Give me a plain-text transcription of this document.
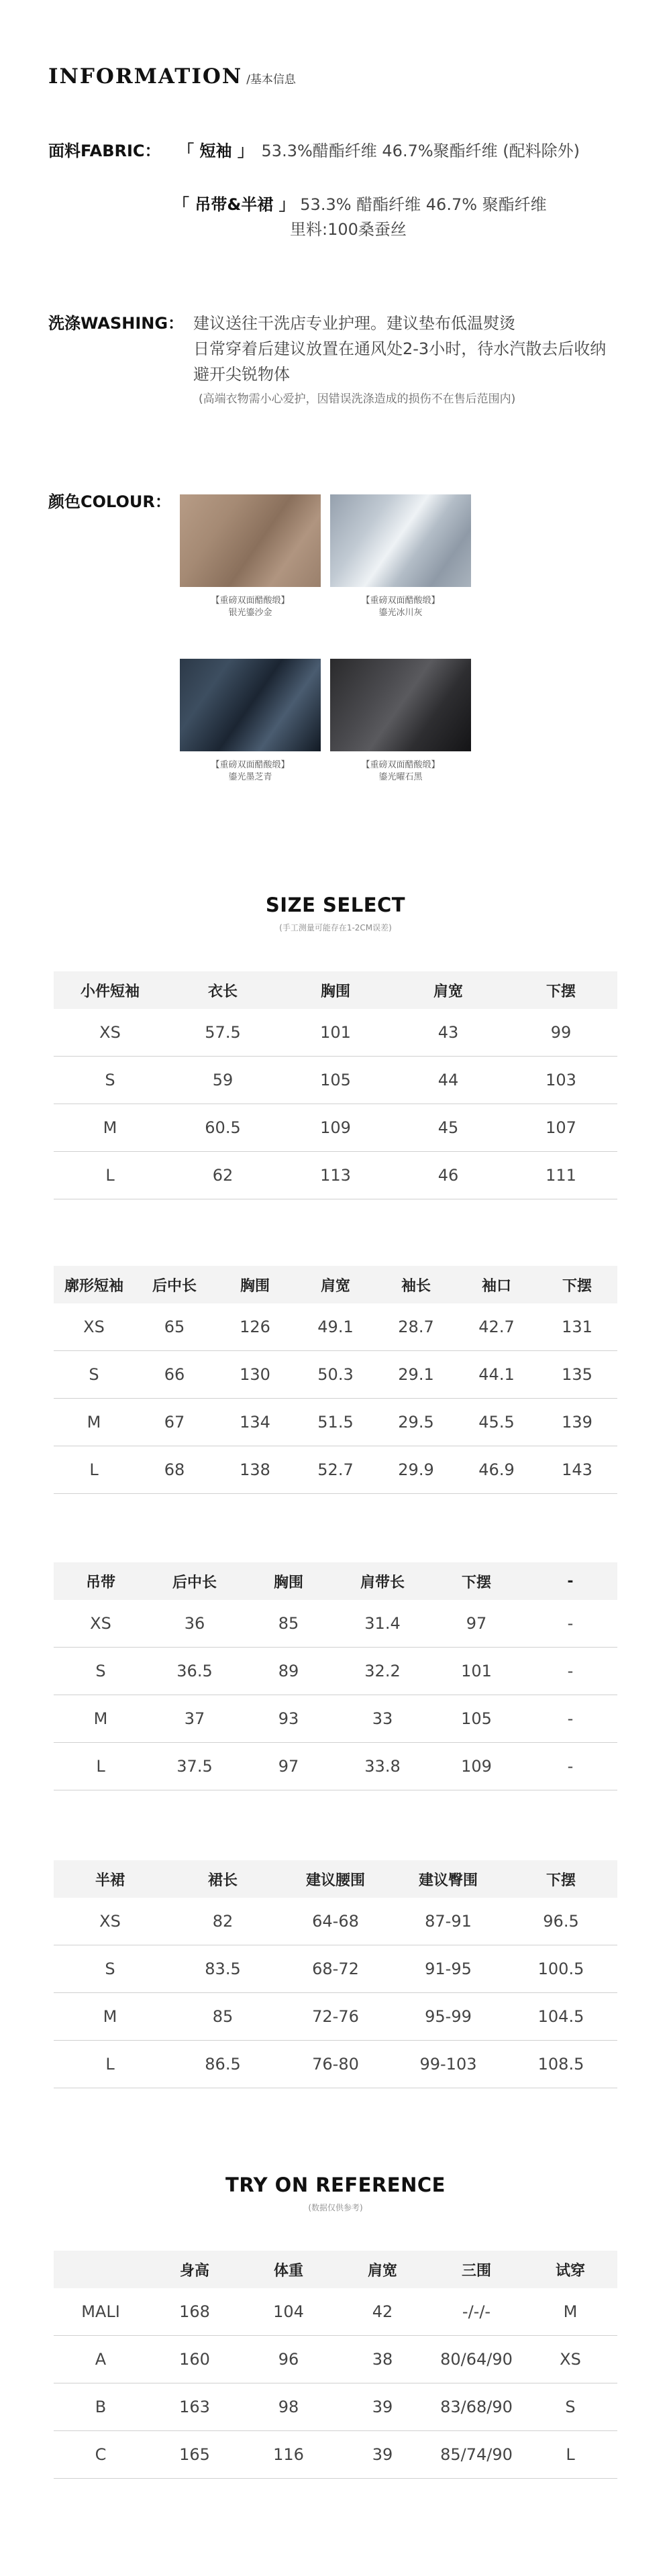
INFORMATION /基本信息
面料FABRIC： 「 短袖 」 53.3%醋酯纤维 46.7%聚酯纤维 (配料除外)
「 吊带&半裙 」 53.3% 醋酯纤维 46.7% 聚酯纤维
里料:100桑蚕丝
洗涤WASHING： 建议送往干洗店专业护理。建议垫布低温熨烫
日常穿着后建议放置在通风处2-3小时，待水汽散去后收纳
避开尖锐物体
(高端衣物需小心爱护，因错误洗涤造成的损伤不在售后范围内)
颜色COLOUR：
【重磅双面醋酸缎】
银光鎏沙金
【重磅双面醋酸缎】
鎏光冰川灰
【重磅双面醋酸缎】
鎏光墨芝青
【重磅双面醋酸缎】
鎏光曜石黑
SIZE SELECT
(手工测量可能存在1-2CM误差)
小件短袖	衣长	胸围	肩宽	下摆
XS	57.5	101	43	99
S	59	105	44	103
M	60.5	109	45	107
L	62	113	46	111
廓形短袖	后中长	胸围	肩宽	袖长	袖口	下摆
XS	65	126	49.1	28.7	42.7	131
S	66	130	50.3	29.1	44.1	135
M	67	134	51.5	29.5	45.5	139
L	68	138	52.7	29.9	46.9	143
吊带	后中长	胸围	肩带长	下摆	-
XS	36	85	31.4	97	-
S	36.5	89	32.2	101	-
M	37	93	33	105	-
L	37.5	97	33.8	109	-
半裙	裙长	建议腰围	建议臀围	下摆
XS	82	64-68	87-91	96.5
S	83.5	68-72	91-95	100.5
M	85	72-76	95-99	104.5
L	86.5	76-80	99-103	108.5
TRY ON REFERENCE
(数据仅供参考)
	身高	体重	肩宽	三围	试穿
MALI	168	104	42	-/-/-	M
A	160	96	38	80/64/90	XS
B	163	98	39	83/68/90	S
C	165	116	39	85/74/90	L
